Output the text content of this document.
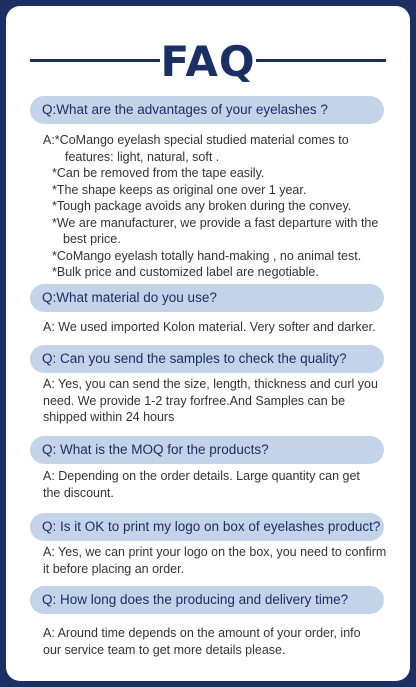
FAQ
Q:What are the advantages of your eyelashes ?

A:*CoMango eyelash special studied material comes to

features: light, natural, soft .

*Can be removed from the tape easily.

*The shape keeps as original one over 1 year.

*Tough package avoids any broken during the convey.

*We are manufacturer, we provide a fast departure with the

best price.

*CoMango eyelash totally hand-making , no animal test.

*Bulk price and customized label are negotiable.

Q:What material do you use?

A: We used imported Kolon material. Very softer and darker.

Q: Can you send the samples to check the quality?

A: Yes, you can send the size, length, thickness and curl you

need. We provide 1-2 tray forfree.And Samples can be

shipped within 24 hours

Q: What is the MOQ for the products?

A: Depending on the order details. Large quantity can get

the discount.

Q: Is it OK to print my logo on box of eyelashes product?

A: Yes, we can print your logo on the box, you need to confirm

it before placing an order.

Q: How long does the producing and delivery time?

A: Around time depends on the amount of your order, info

our service team to get more details please.
